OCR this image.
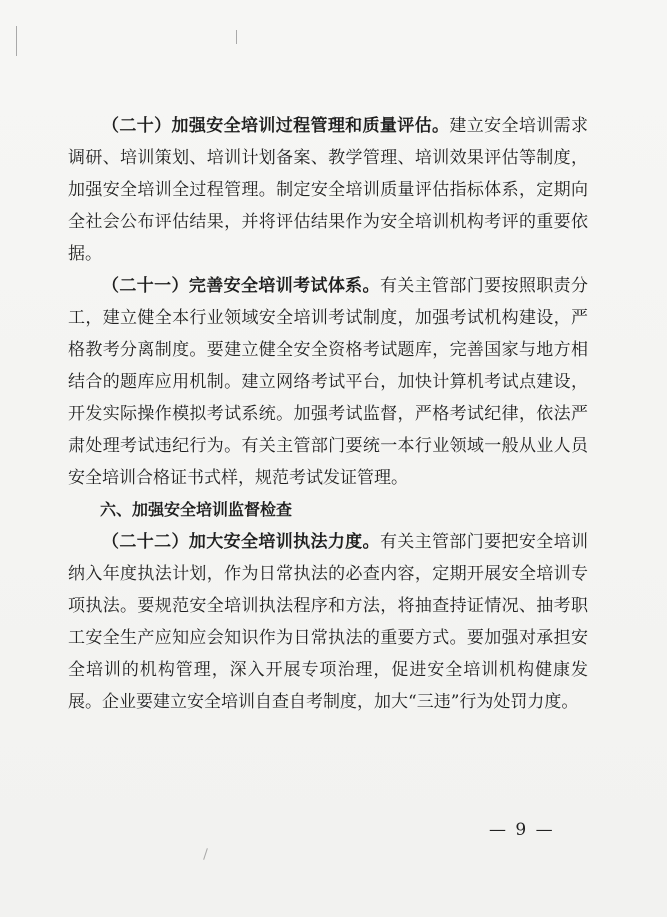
（二十）加强安全培训过程管理和质量评估。建立安全培训需求调研、培训策划、培训计划备案、教学管理、培训效果评估等制度，加强安全培训全过程管理。制定安全培训质量评估指标体系，定期向全社会公布评估结果，并将评估结果作为安全培训机构考评的重要依据。

（二十一）完善安全培训考试体系。有关主管部门要按照职责分工，建立健全本行业领域安全培训考试制度，加强考试机构建设，严格教考分离制度。要建立健全安全资格考试题库，完善国家与地方相结合的题库应用机制。建立网络考试平台，加快计算机考试点建设，开发实际操作模拟考试系统。加强考试监督，严格考试纪律，依法严肃处理考试违纪行为。有关主管部门要统一本行业领域一般从业人员安全培训合格证书式样，规范考试发证管理。

六、加强安全培训监督检查

（二十二）加大安全培训执法力度。有关主管部门要把安全培训纳入年度执法计划，作为日常执法的必查内容，定期开展安全培训专项执法。要规范安全培训执法程序和方法，将抽查持证情况、抽考职工安全生产应知应会知识作为日常执法的重要方式。要加强对承担安全培训的机构管理，深入开展专项治理，促进安全培训机构健康发展。企业要建立安全培训自查自考制度，加大“三违”行为处罚力度。

— 9 —
